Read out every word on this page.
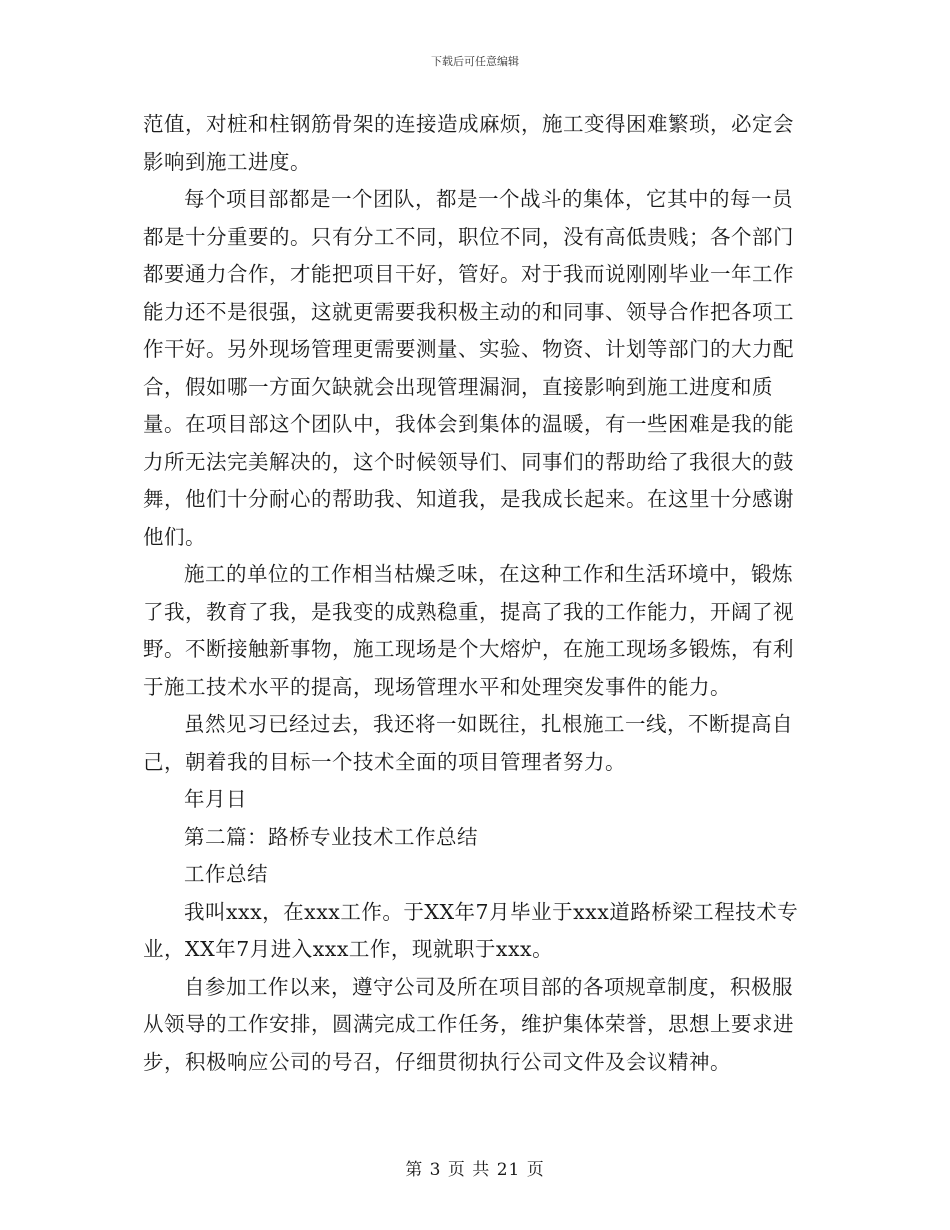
下载后可任意编辑

范值，对桩和柱钢筋骨架的连接造成麻烦，施工变得困难繁琐，必定会影响到施工进度。

每个项目部都是一个团队，都是一个战斗的集体，它其中的每一员都是十分重要的。只有分工不同，职位不同，没有高低贵贱；各个部门都要通力合作，才能把项目干好，管好。对于我而说刚刚毕业一年工作能力还不是很强，这就更需要我积极主动的和同事、领导合作把各项工作干好。另外现场管理更需要测量、实验、物资、计划等部门的大力配合，假如哪一方面欠缺就会出现管理漏洞，直接影响到施工进度和质量。在项目部这个团队中，我体会到集体的温暖，有一些困难是我的能力所无法完美解决的，这个时候领导们、同事们的帮助给了我很大的鼓舞，他们十分耐心的帮助我、知道我，是我成长起来。在这里十分感谢他们。

施工的单位的工作相当枯燥乏味，在这种工作和生活环境中，锻炼了我，教育了我，是我变的成熟稳重，提高了我的工作能力，开阔了视野。不断接触新事物，施工现场是个大熔炉，在施工现场多锻炼，有利于施工技术水平的提高，现场管理水平和处理突发事件的能力。

虽然见习已经过去，我还将一如既往，扎根施工一线，不断提高自己，朝着我的目标一个技术全面的项目管理者努力。

年月日

第二篇：路桥专业技术工作总结

工作总结

我叫xxx，在xxx工作。于XX年7月毕业于xxx道路桥梁工程技术专业，XX年7月进入xxx工作，现就职于xxx。

自参加工作以来，遵守公司及所在项目部的各项规章制度，积极服从领导的工作安排，圆满完成工作任务，维护集体荣誉，思想上要求进步，积极响应公司的号召，仔细贯彻执行公司文件及会议精神。

第 3 页 共 21 页
